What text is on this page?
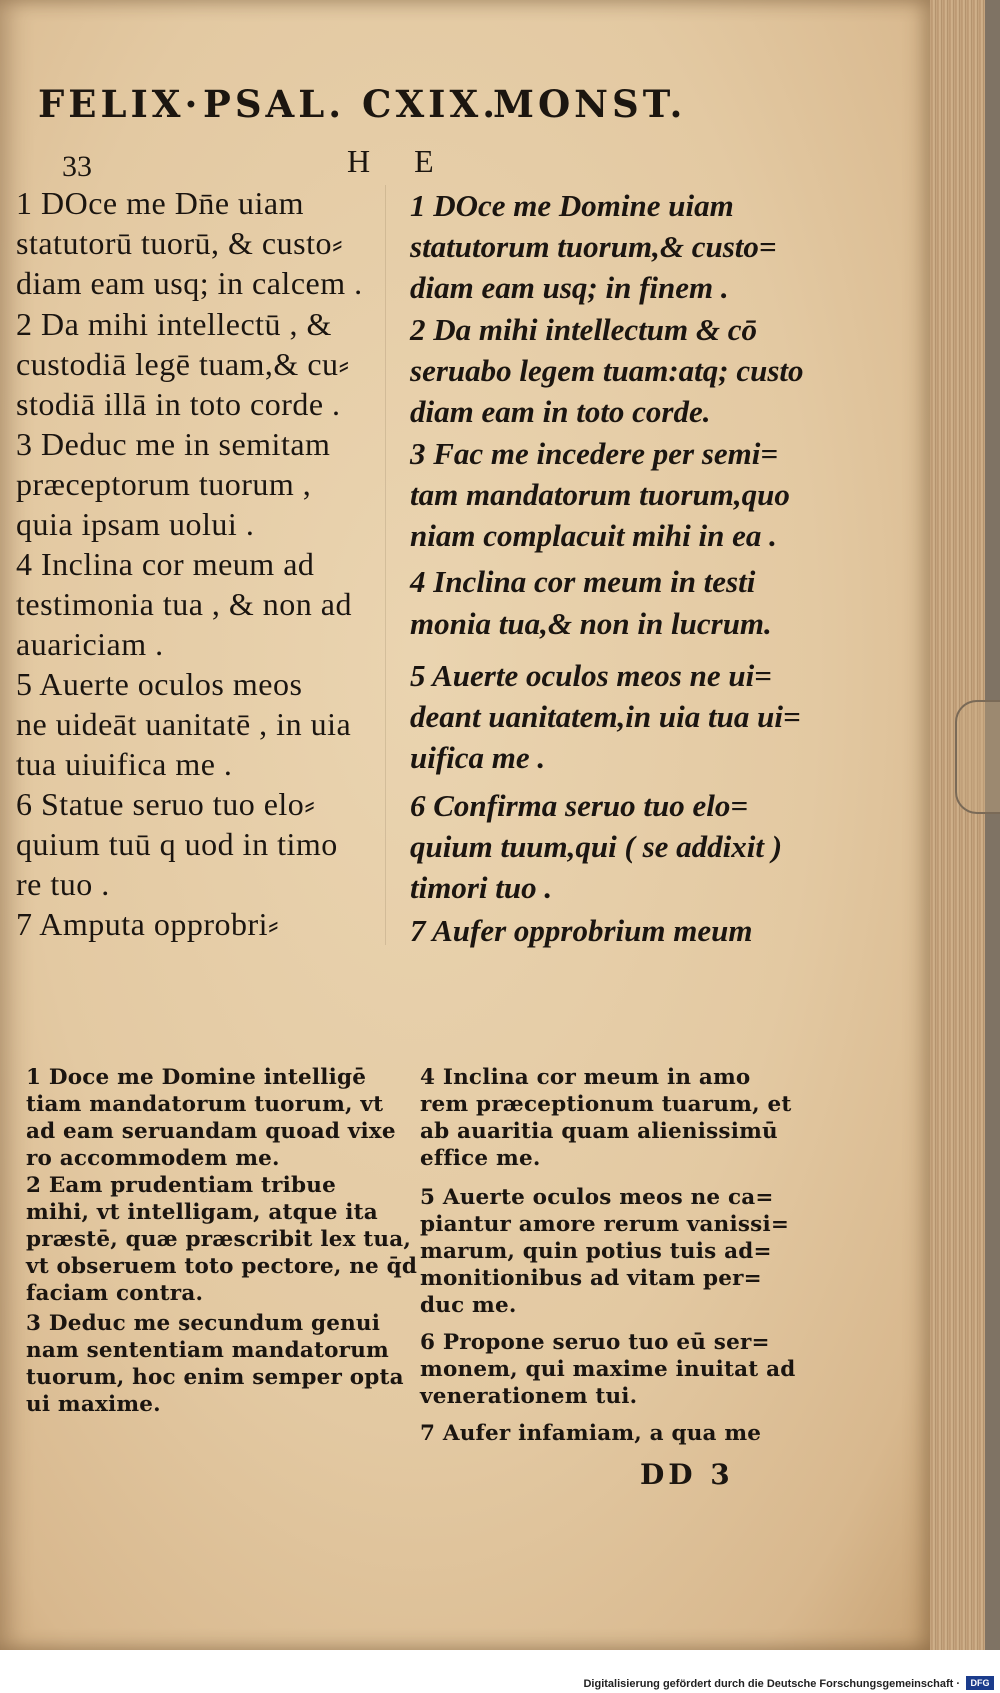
FELIX· PSAL. CXIX.
MONST.
33	H E
1 DOce me Dn̄e uiam
statutorū tuorū, & custo⸗
diam eam usq; in calcem .
2 Da mihi intellectū , &
custodiā legē tuam,& cu⸗
stodiā illā in toto corde .
3 Deduc me in semitam
præceptorum tuorum ,
quia ipsam uolui .
4 Inclina cor meum ad
testimonia tua , & non ad
auariciam .
5 Auerte oculos meos
ne uideāt uanitatē , in uia
tua uiuifica me .
6 Statue seruo tuo elo⸗
quium tuū q uod in timo
re tuo .
7 Amputa opprobri⸗
1 DOce me Domine uiam
statutorum tuorum,& custo=
diam eam usq; in finem .
2 Da mihi intellectum & cō
seruabo legem tuam:atq; custo
diam eam in toto corde.
3 Fac me incedere per semi=
tam mandatorum tuorum,quo
niam complacuit mihi in ea .
4 Inclina cor meum in testi
monia tua,& non in lucrum.
5 Auerte oculos meos ne ui=
deant uanitatem,in uia tua ui=
uifica me .
6 Confirma seruo tuo elo=
quium tuum,qui ( se addixit )
timori tuo .
7 Aufer opprobrium meum
1 Doce me Domine intelligē
tiam mandatorum tuorum, vt
ad eam seruandam quoad vixe
ro accommodem me.
2 Eam prudentiam tribue
mihi, vt intelligam, atque ita
præstē, quæ præscribit lex tua,
vt obseruem toto pectore, ne q̄d
faciam contra.
3 Deduc me secundum genui
nam sententiam mandatorum
tuorum, hoc enim semper opta
ui maxime.
4 Inclina cor meum in amo
rem præceptionum tuarum, et
ab auaritia quam alienissimū
effice me.
5 Auerte oculos meos ne ca=
piantur amore rerum vanissi=
marum, quin potius tuis ad=
monitionibus ad vitam per=
duc me.
6 Propone seruo tuo eū ser=
monem, qui maxime inuitat ad
venerationem tui.
7 Aufer infamiam, a qua me
DD 3
Digitalisierung gefördert durch die Deutsche Forschungsgemeinschaft ·	DFG
